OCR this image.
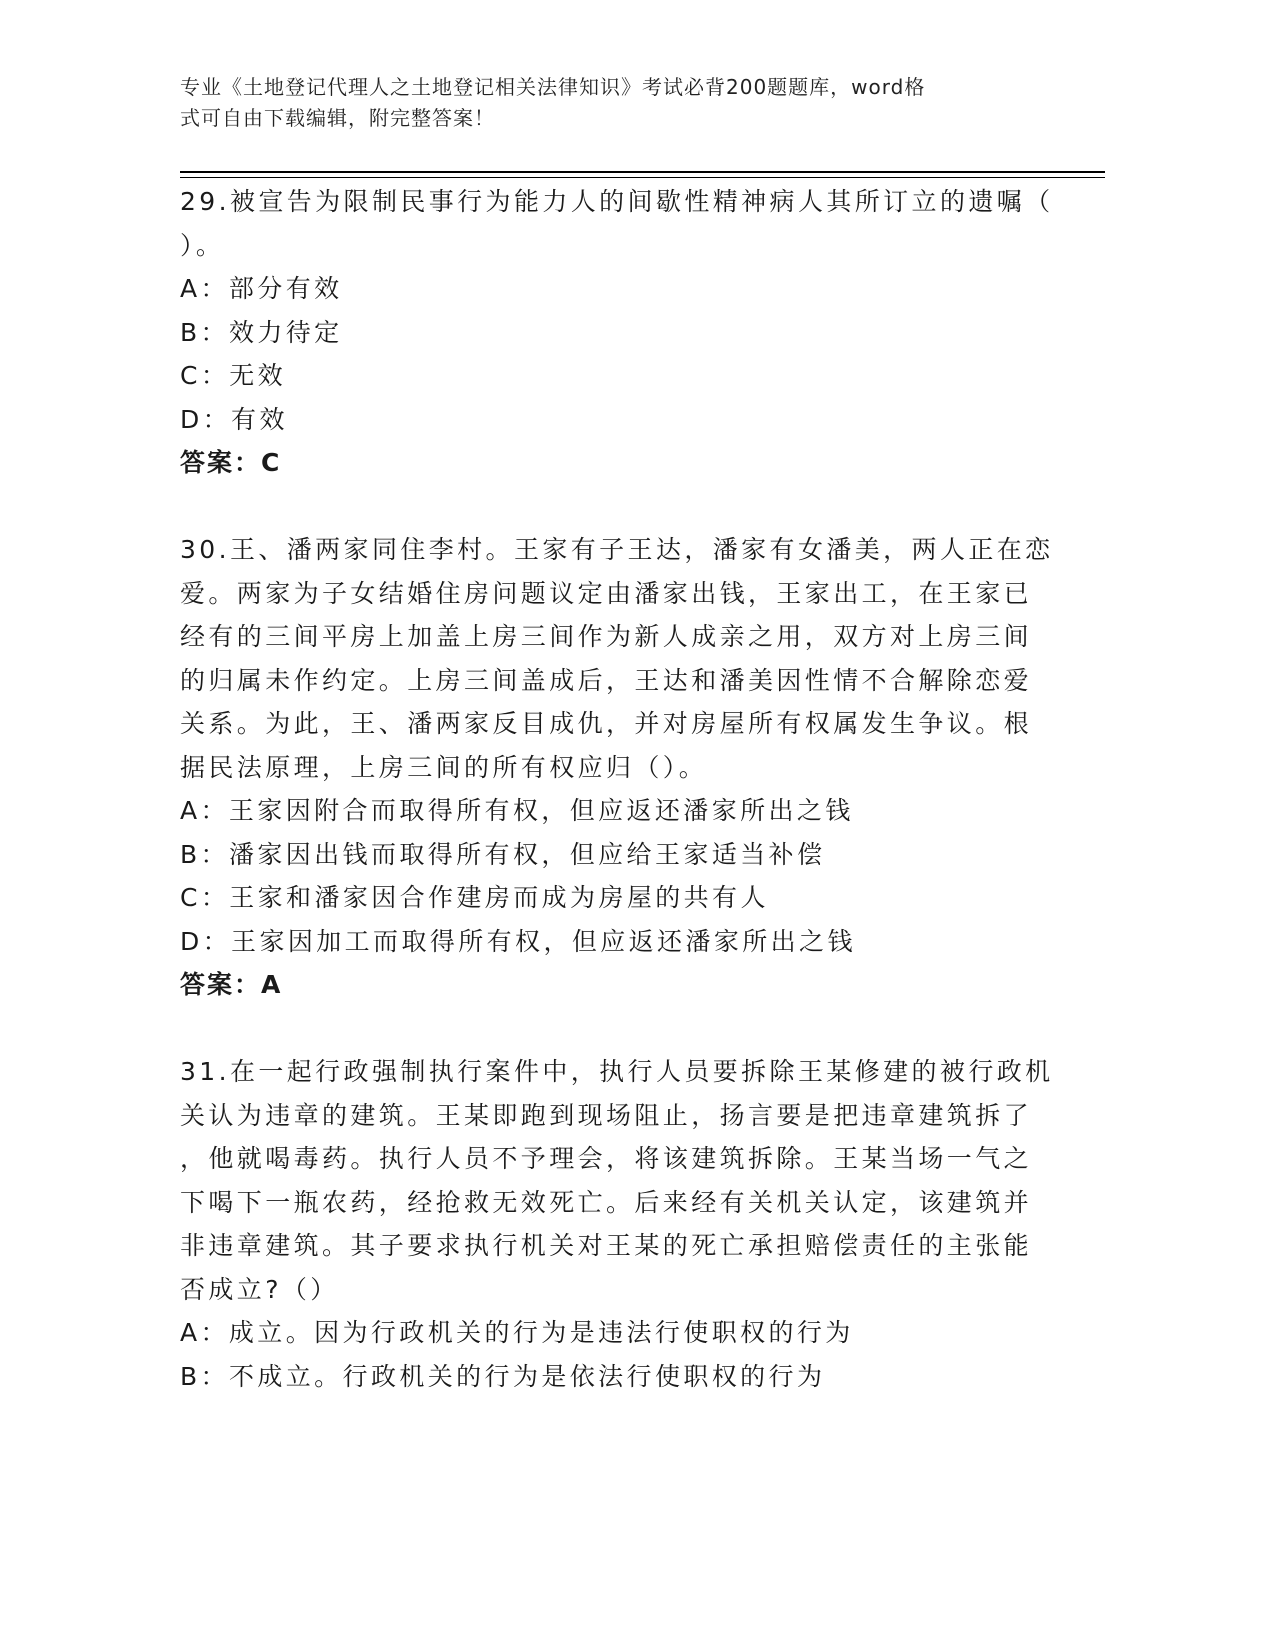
专业《土地登记代理人之土地登记相关法律知识》考试必背200题题库，word格
式可自由下载编辑，附完整答案！
29.被宣告为限制民事行为能力人的间歇性精神病人其所订立的遗嘱（
）。
A：部分有效
B：效力待定
C：无效
D：有效
答案：C
30.王、潘两家同住李村。王家有子王达，潘家有女潘美，两人正在恋
爱。两家为子女结婚住房问题议定由潘家出钱，王家出工，在王家已
经有的三间平房上加盖上房三间作为新人成亲之用，双方对上房三间
的归属未作约定。上房三间盖成后，王达和潘美因性情不合解除恋爱
关系。为此，王、潘两家反目成仇，并对房屋所有权属发生争议。根
据民法原理，上房三间的所有权应归（）。
A：王家因附合而取得所有权，但应返还潘家所出之钱
B：潘家因出钱而取得所有权，但应给王家适当补偿
C：王家和潘家因合作建房而成为房屋的共有人
D：王家因加工而取得所有权，但应返还潘家所出之钱
答案：A
31.在一起行政强制执行案件中，执行人员要拆除王某修建的被行政机
关认为违章的建筑。王某即跑到现场阻止，扬言要是把违章建筑拆了
，他就喝毒药。执行人员不予理会，将该建筑拆除。王某当场一气之
下喝下一瓶农药，经抢救无效死亡。后来经有关机关认定，该建筑并
非违章建筑。其子要求执行机关对王某的死亡承担赔偿责任的主张能
否成立?（）
A：成立。因为行政机关的行为是违法行使职权的行为
B：不成立。行政机关的行为是依法行使职权的行为
